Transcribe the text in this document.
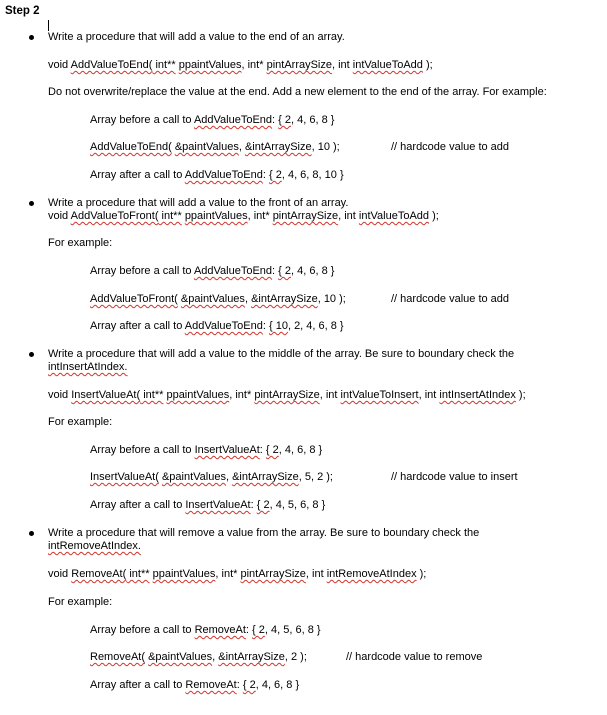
Step 2
Write a procedure that will add a value to the end of an array.
void AddValueToEnd( int** ppaintValues, int* pintArraySize, int intValueToAdd );
Do not overwrite/replace the value at the end. Add a new element to the end of the array. For example:
Array before a call to AddValueToEnd: { 2, 4, 6, 8 }
AddValueToEnd( &paintValues, &intArraySize, 10 );	// hardcode value to add
Array after a call to AddValueToEnd: { 2, 4, 6, 8, 10 }
Write a procedure that will add a value to the front of an array.
void AddValueToFront( int** ppaintValues, int* pintArraySize, int intValueToAdd );
For example:
Array before a call to AddValueToEnd: { 2, 4, 6, 8 }
AddValueToFront( &paintValues, &intArraySize, 10 );	// hardcode value to add
Array after a call to AddValueToEnd: { 10, 2, 4, 6, 8 }
Write a procedure that will add a value to the middle of the array. Be sure to boundary check the
intInsertAtIndex.
void InsertValueAt( int** ppaintValues, int* pintArraySize, int intValueToInsert, int intInsertAtIndex );
For example:
Array before a call to InsertValueAt: { 2, 4, 6, 8 }
InsertValueAt( &paintValues, &intArraySize, 5, 2 );	// hardcode value to insert
Array after a call to InsertValueAt: { 2, 4, 5, 6, 8 }
Write a procedure that will remove a value from the array. Be sure to boundary check the
intRemoveAtIndex.
void RemoveAt( int** ppaintValues, int* pintArraySize, int intRemoveAtIndex );
For example:
Array before a call to RemoveAt: { 2, 4, 5, 6, 8 }
RemoveAt( &paintValues, &intArraySize, 2 );	// hardcode value to remove
Array after a call to RemoveAt: { 2, 4, 6, 8 }
